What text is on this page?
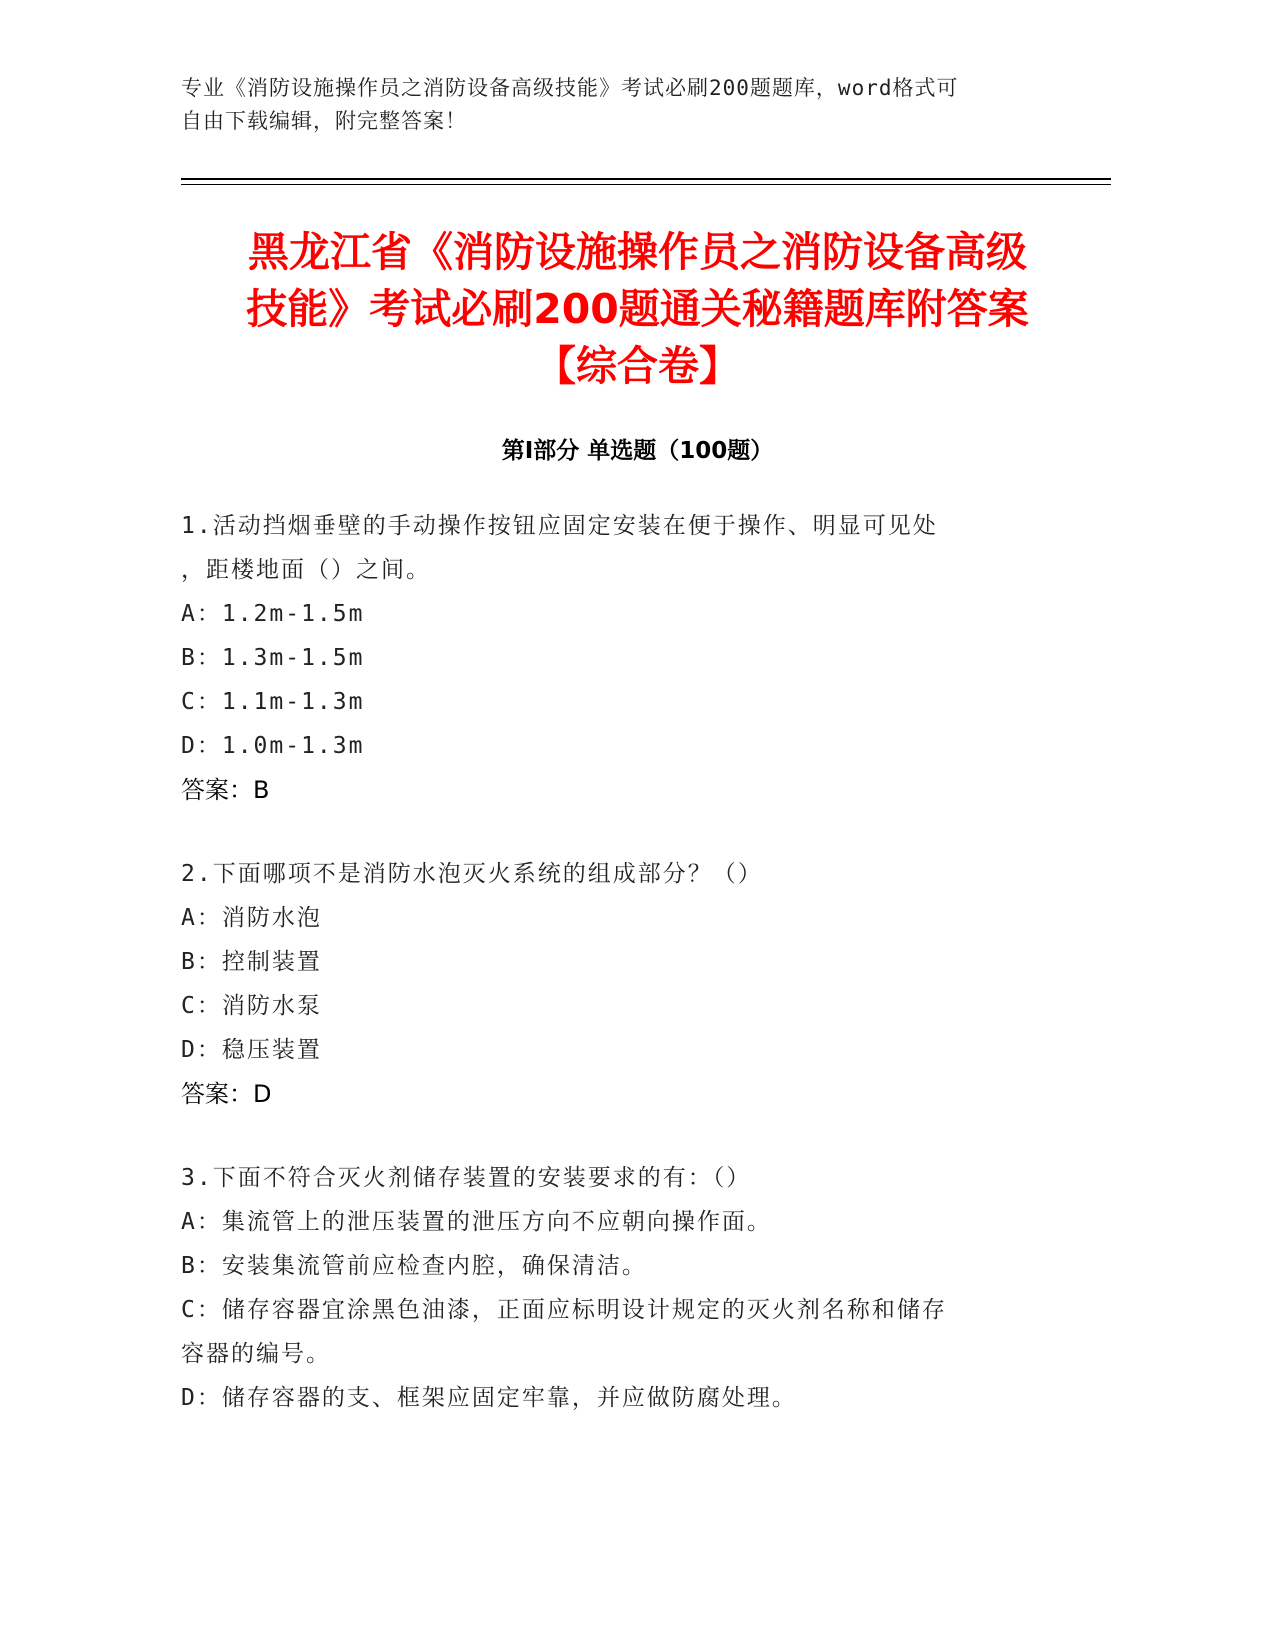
专业《消防设施操作员之消防设备高级技能》考试必刷200题题库，word格式可
自由下载编辑，附完整答案！
黑龙江省《消防设施操作员之消防设备高级
技能》考试必刷200题通关秘籍题库附答案
【综合卷】
第Ⅰ部分 单选题（100题）

1.活动挡烟垂壁的手动操作按钮应固定安装在便于操作、明显可见处

，距楼地面（）之间。

A：1.2m-1.5m

B：1.3m-1.5m

C：1.1m-1.3m

D：1.0m-1.3m

答案：B

2.下面哪项不是消防水泡灭火系统的组成部分？（）

A：消防水泡

B：控制装置

C：消防水泵

D：稳压装置

答案：D

3.下面不符合灭火剂储存装置的安装要求的有：（）

A：集流管上的泄压装置的泄压方向不应朝向操作面。

B：安装集流管前应检查内腔，确保清洁。

C：储存容器宜涂黑色油漆，正面应标明设计规定的灭火剂名称和储存

容器的编号。

D：储存容器的支、框架应固定牢靠，并应做防腐处理。
